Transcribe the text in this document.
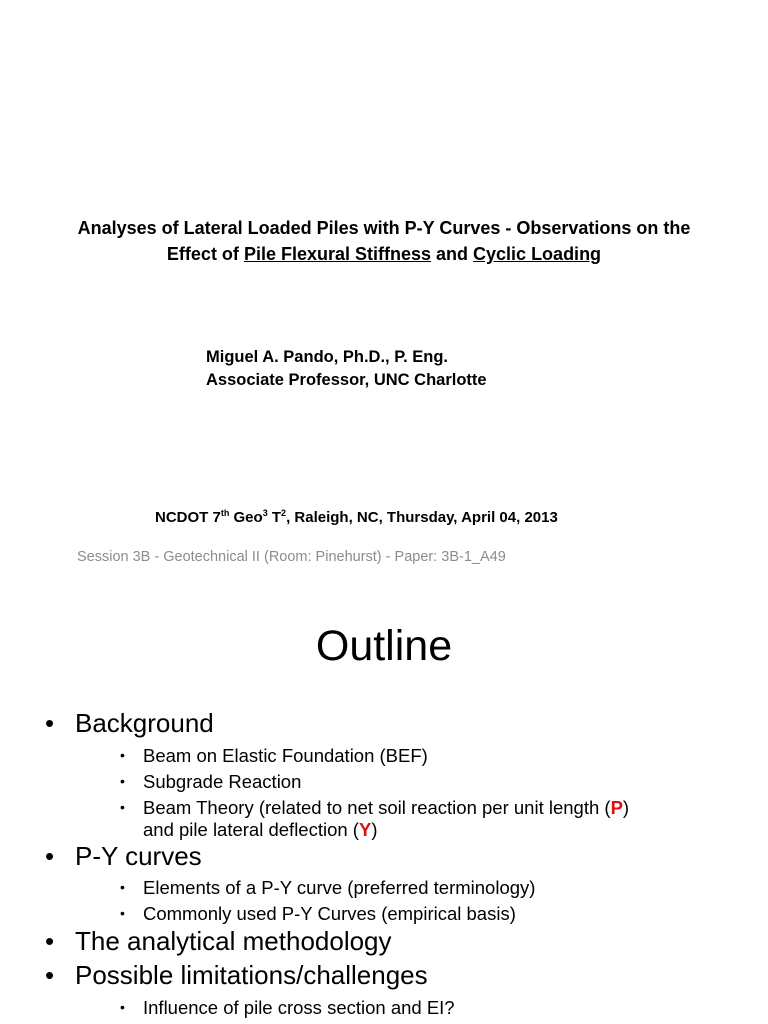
Analyses of Lateral Loaded Piles with P-Y Curves - Observations on the
Effect of Pile Flexural Stiffness and Cyclic Loading
Miguel A. Pando, Ph.D., P. Eng.
Associate Professor, UNC Charlotte
NCDOT 7th Geo$^3$ $T^2$, Raleigh, NC, Thursday, April 04, 2013
Session 3B - Geotechnical II (Room: Pinehurst) - Paper: 3B-1_A49
Outline
• Background
• Beam on Elastic Foundation (BEF)
• Subgrade Reaction
• Beam Theory (related to net soil reaction per unit length (P)
and pile lateral deflection (Y)
• P-Y curves
• Elements of a P-Y curve (preferred terminology)
• Commonly used P-Y Curves (empirical basis)
• The analytical methodology
• Possible limitations/challenges
• Influence of pile cross section and EI?
